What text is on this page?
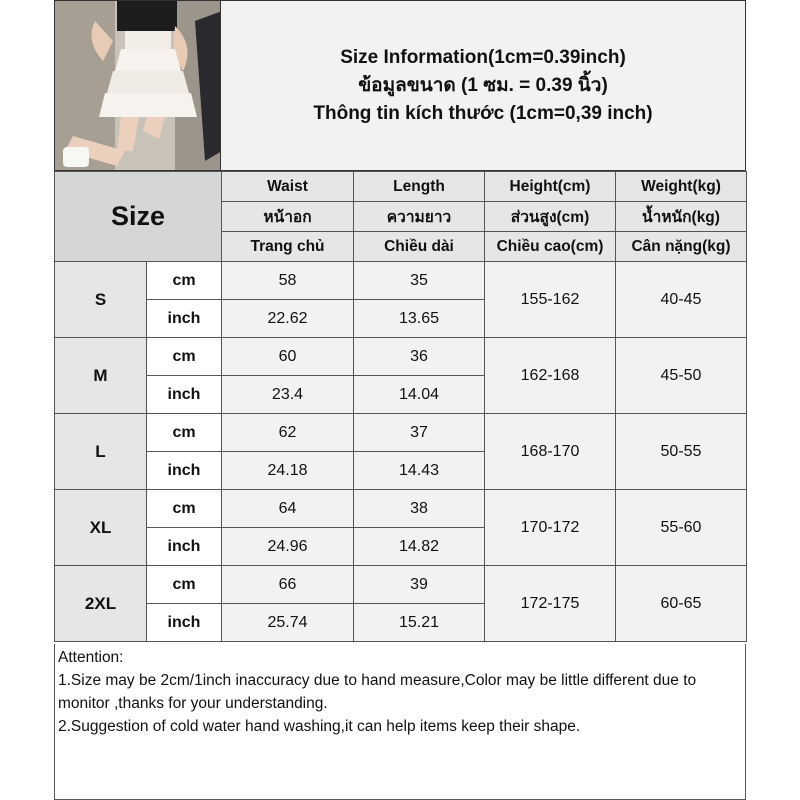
Size Information(1cm=0.39inch)
ข้อมูลขนาด (1 ซม. = 0.39 นิ้ว)
Thông tin kích thước (1cm=0,39 inch)
Size		Waist	Length	Height(cm)	Weight(kg)
		หน้าอก	ความยาว	ส่วนสูง(cm)	น้ำหนัก(kg)
		Trang chủ	Chiều dài	Chiều cao(cm)	Cân nặng(kg)
S	cm	58	35	155-162	40-45
	inch	22.62	13.65		
M	cm	60	36	162-168	45-50
	inch	23.4	14.04		
L	cm	62	37	168-170	50-55
	inch	24.18	14.43		
XL	cm	64	38	170-172	55-60
	inch	24.96	14.82		
2XL	cm	66	39	172-175	60-65
	inch	25.74	15.21		
Attention:
1.Size may be 2cm/1inch inaccuracy due to hand measure,Color may be little different due to monitor ,thanks for your understanding.
2.Suggestion of cold water hand washing,it can help items keep their shape.
